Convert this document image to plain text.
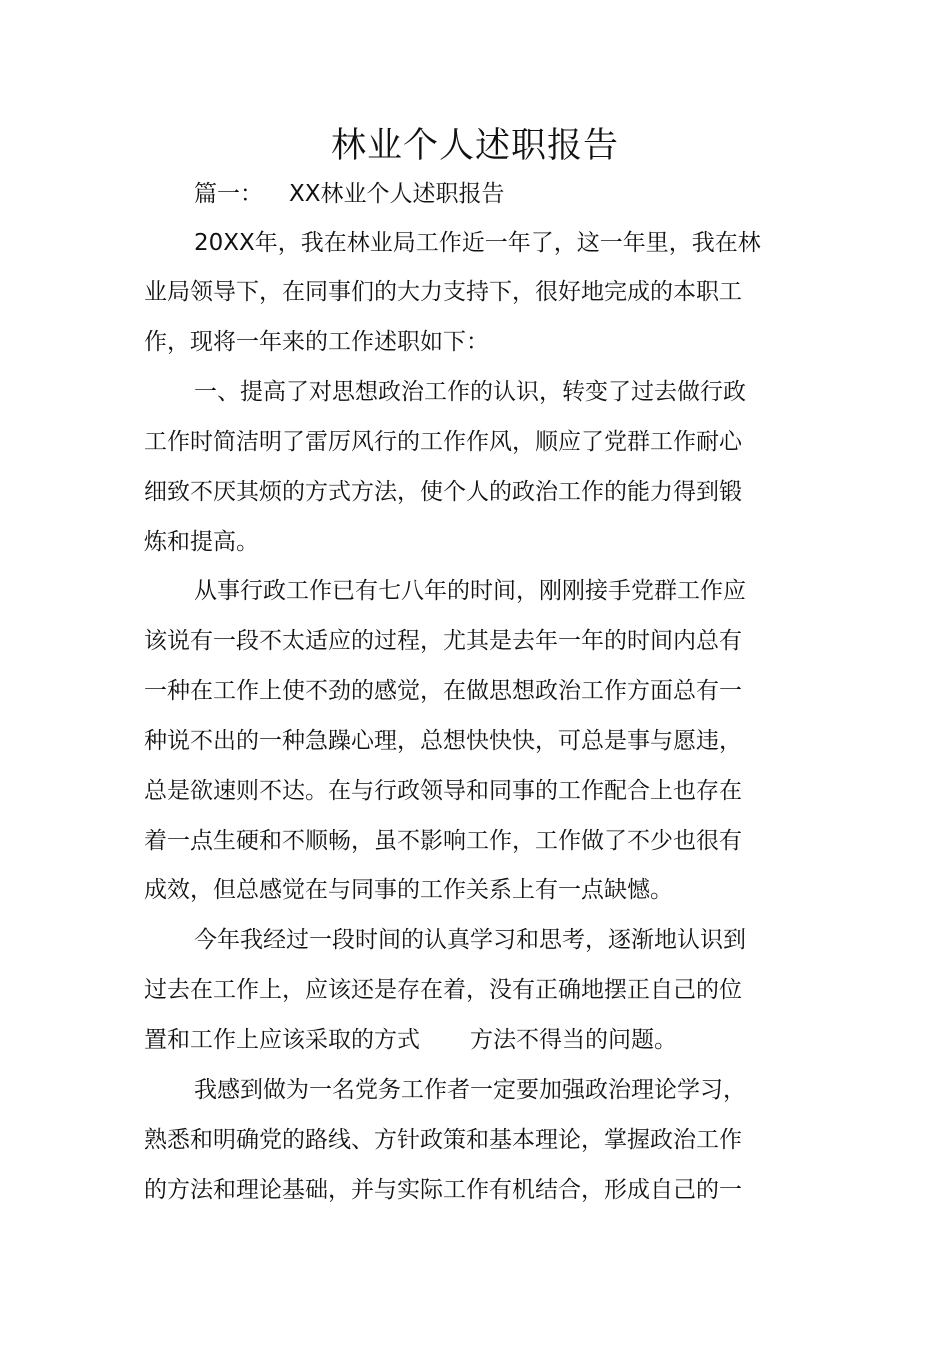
林业个人述职报告
篇一： XX林业个人述职报告
20XX年，我在林业局工作近一年了，这一年里，我在林
业局领导下，在同事们的大力支持下，很好地完成的本职工
作，现将一年来的工作述职如下：
一、提高了对思想政治工作的认识，转变了过去做行政
工作时简洁明了雷厉风行的工作作风，顺应了党群工作耐心
细致不厌其烦的方式方法，使个人的政治工作的能力得到锻
炼和提高。
从事行政工作已有七八年的时间，刚刚接手党群工作应
该说有一段不太适应的过程，尤其是去年一年的时间内总有
一种在工作上使不劲的感觉，在做思想政治工作方面总有一
种说不出的一种急躁心理，总想快快快，可总是事与愿违，
总是欲速则不达。在与行政领导和同事的工作配合上也存在
着一点生硬和不顺畅，虽不影响工作，工作做了不少也很有
成效，但总感觉在与同事的工作关系上有一点缺憾。
今年我经过一段时间的认真学习和思考，逐渐地认识到
过去在工作上，应该还是存在着，没有正确地摆正自己的位
置和工作上应该采取的方式 方法不得当的问题。
我感到做为一名党务工作者一定要加强政治理论学习，
熟悉和明确党的路线、方针政策和基本理论，掌握政治工作
的方法和理论基础，并与实际工作有机结合，形成自己的一
